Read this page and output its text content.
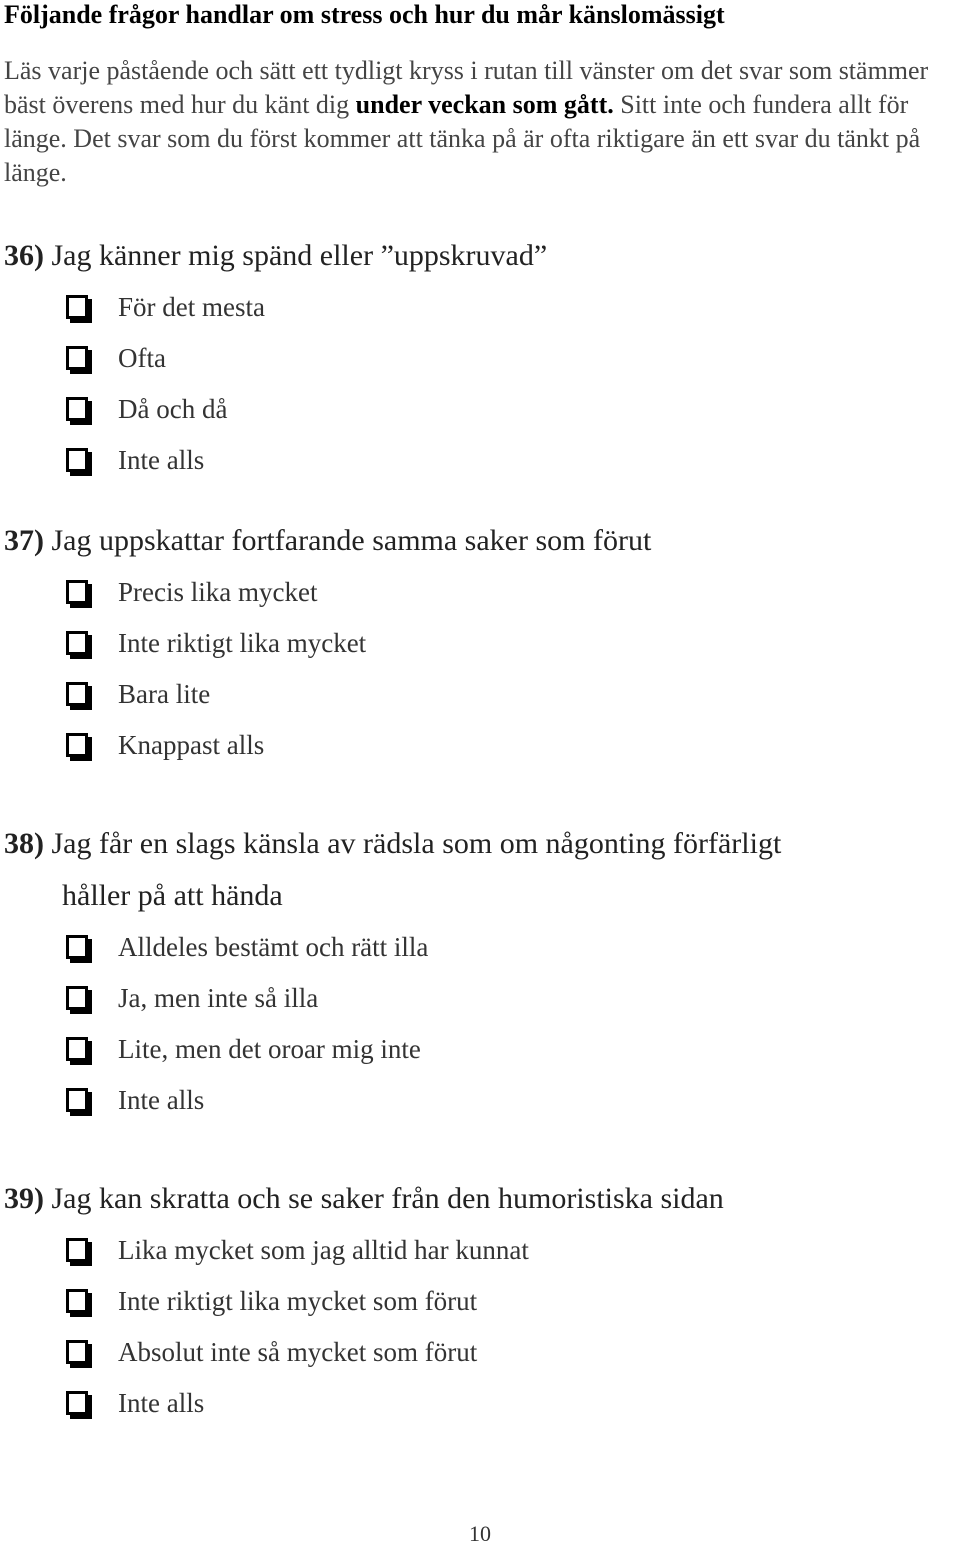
Följande frågor handlar om stress och hur du mår känslomässigt

Läs varje påstående och sätt ett tydligt kryss i rutan till vänster om det svar som stämmer bäst överens med hur du känt dig under veckan som gått. Sitt inte och fundera allt för länge. Det svar som du först kommer att tänka på är ofta riktigare än ett svar du tänkt på länge.

36) Jag känner mig spänd eller ”uppskruvad”

För det mesta
Ofta
Då och då
Inte alls

37) Jag uppskattar fortfarande samma saker som förut

Precis lika mycket
Inte riktigt lika mycket
Bara lite
Knappast alls

38) Jag får en slags känsla av rädsla som om någonting förfärligt
håller på att hända

Alldeles bestämt och rätt illa
Ja, men inte så illa
Lite, men det oroar mig inte
Inte alls

39) Jag kan skratta och se saker från den humoristiska sidan

Lika mycket som jag alltid har kunnat
Inte riktigt lika mycket som förut
Absolut inte så mycket som förut
Inte alls
10
